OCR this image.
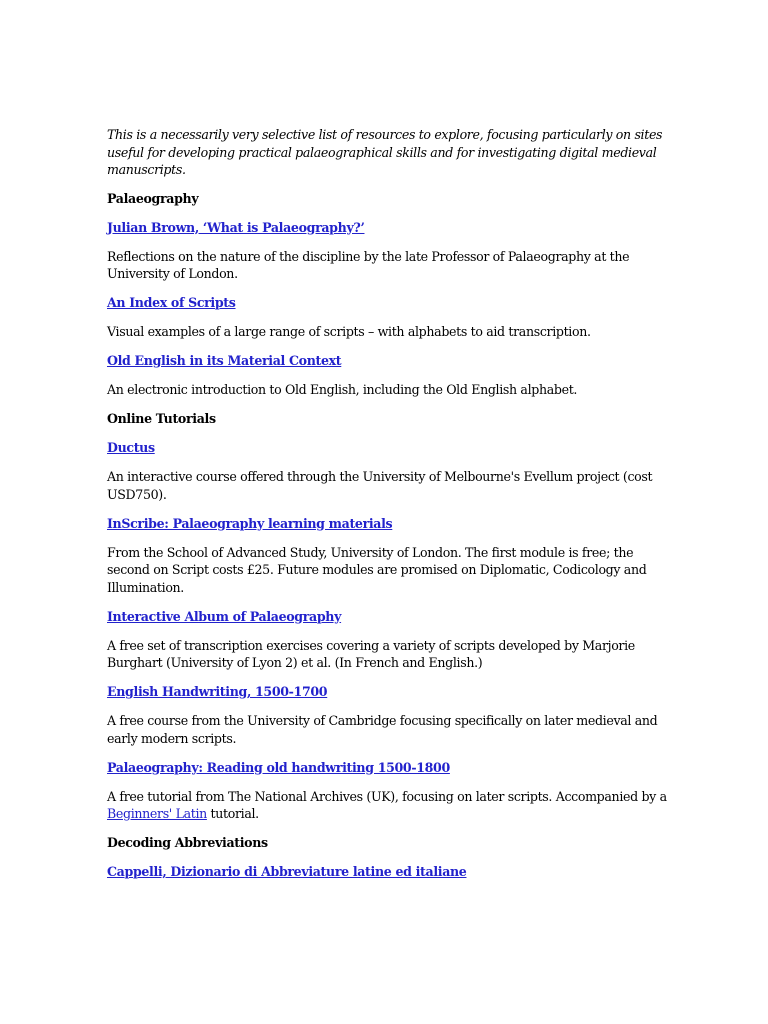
This is a necessarily very selective list of resources to explore, focusing particularly on sites useful for developing practical palaeographical skills and for investigating digital medieval manuscripts.

Palaeography

Julian Brown, ‘What is Palaeography?’

Reflections on the nature of the discipline by the late Professor of Palaeography at the University of London.

An Index of Scripts

Visual examples of a large range of scripts – with alphabets to aid transcription.

Old English in its Material Context

An electronic introduction to Old English, including the Old English alphabet.

Online Tutorials

Ductus

An interactive course offered through the University of Melbourne's Evellum project (cost USD750).

InScribe: Palaeography learning materials

From the School of Advanced Study, University of London. The first module is free; the second on Script costs £25. Future modules are promised on Diplomatic, Codicology and Illumination.

Interactive Album of Palaeography

A free set of transcription exercises covering a variety of scripts developed by Marjorie Burghart (University of Lyon 2) et al. (In French and English.)

English Handwriting, 1500-1700

A free course from the University of Cambridge focusing specifically on later medieval and early modern scripts.

Palaeography: Reading old handwriting 1500-1800

A free tutorial from The National Archives (UK), focusing on later scripts. Accompanied by a Beginners' Latin tutorial.

Decoding Abbreviations

Cappelli, Dizionario di Abbreviature latine ed italiane
